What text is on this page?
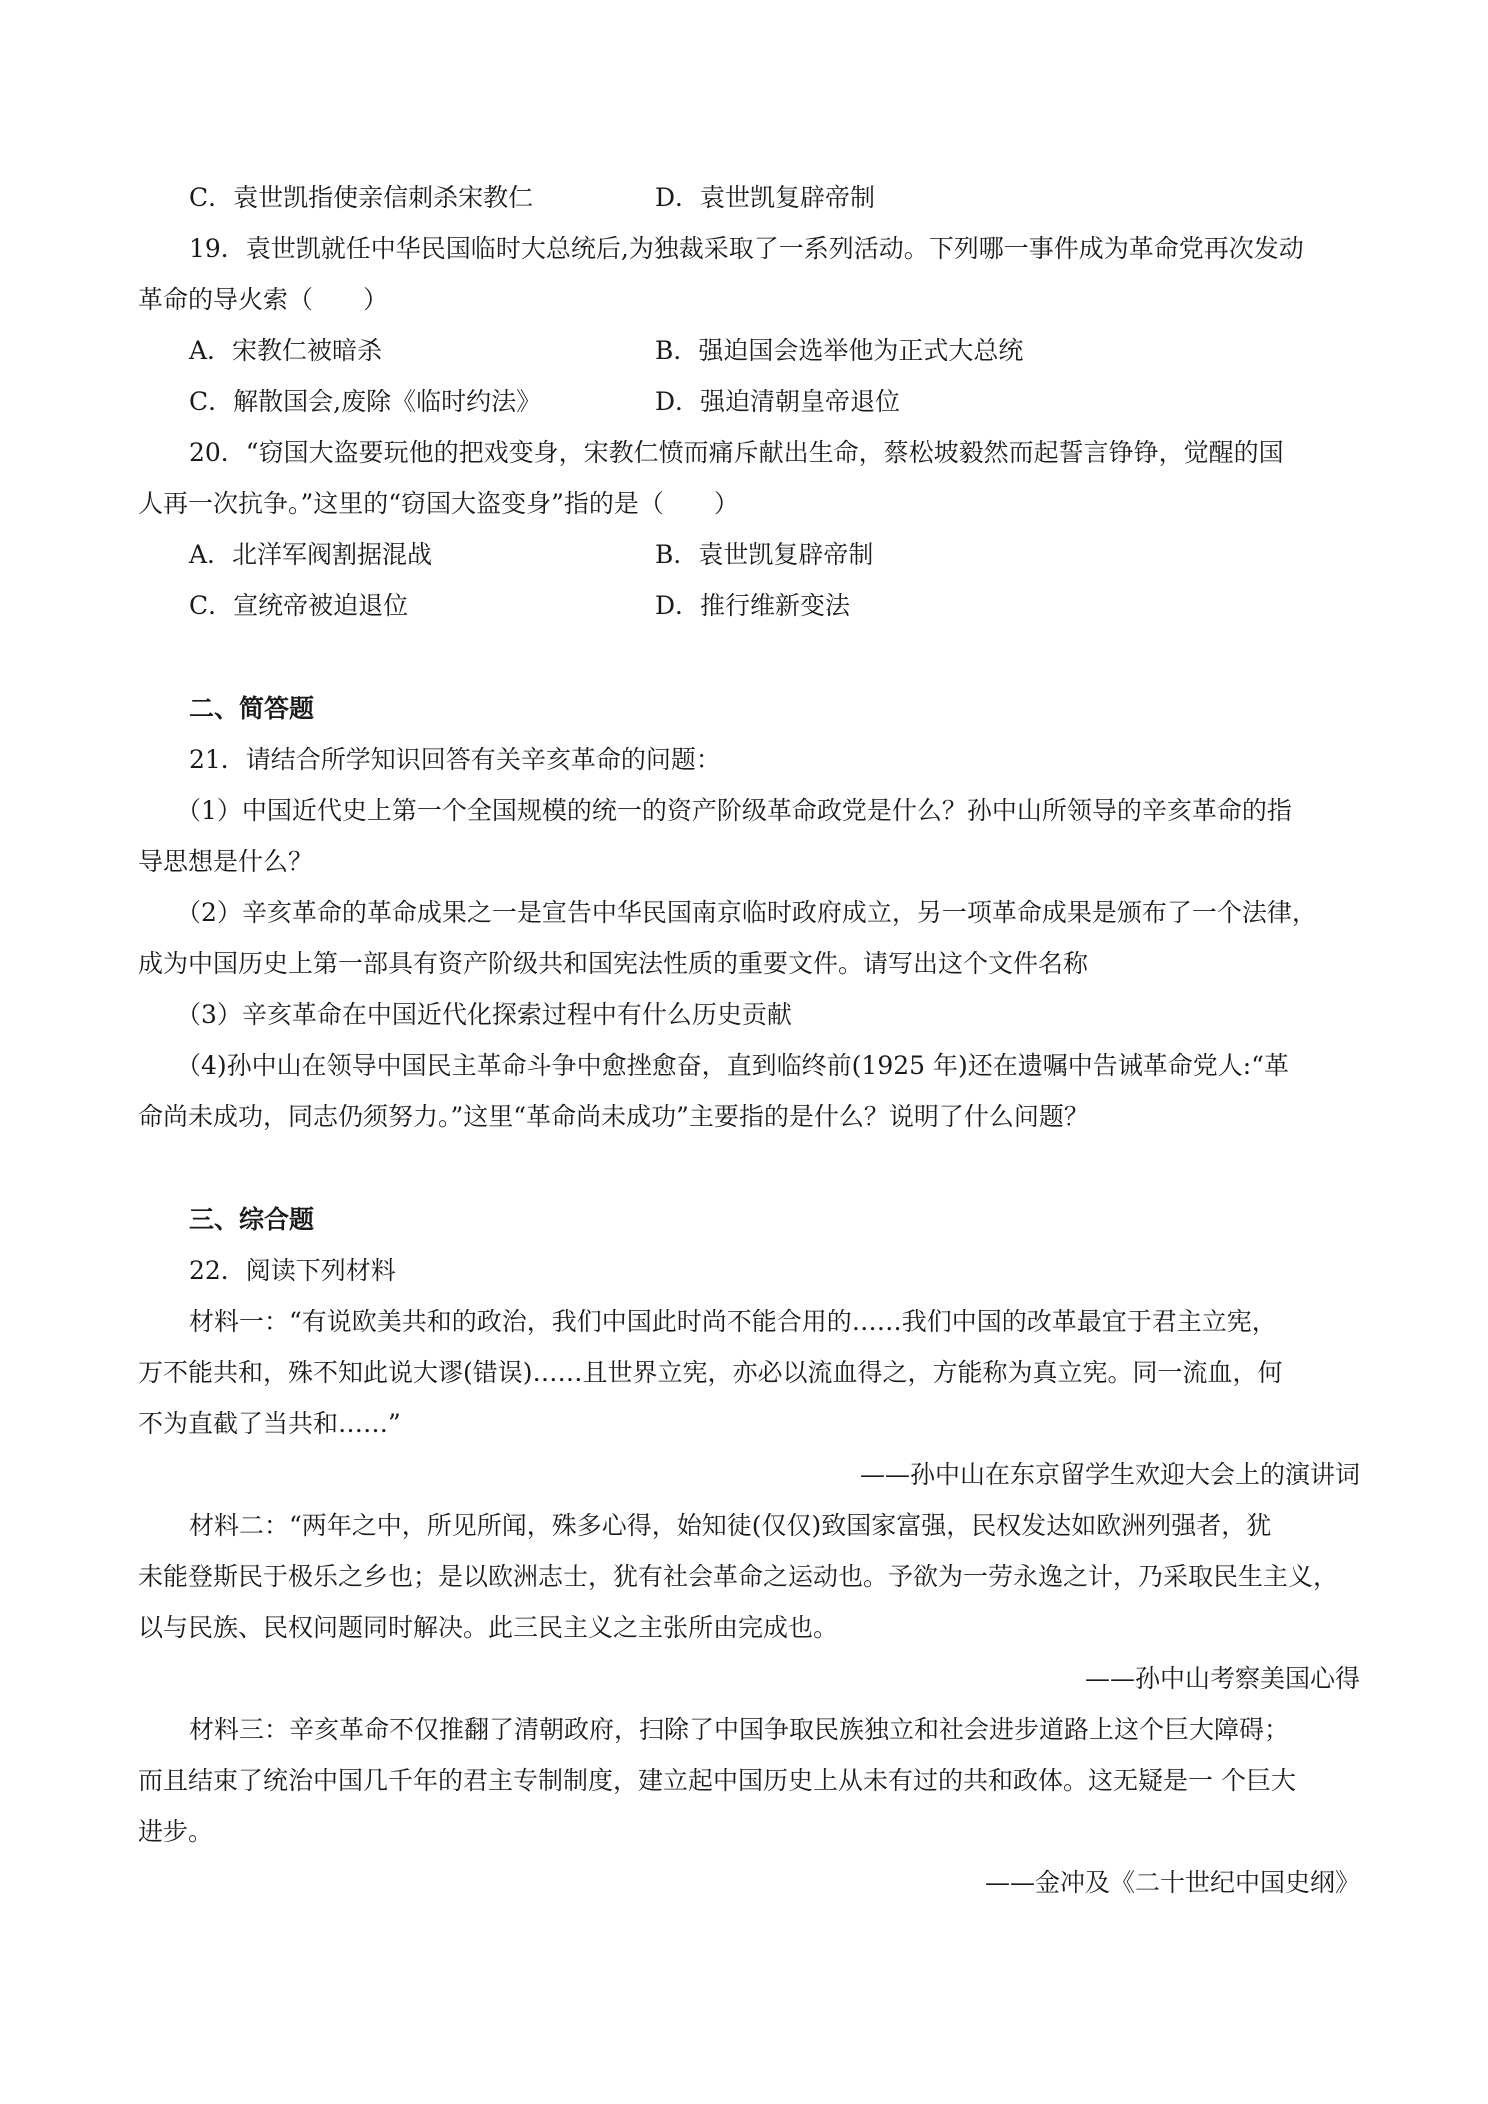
C．袁世凯指使亲信刺杀宋教仁	D．袁世凯复辟帝制
19．袁世凯就任中华民国临时大总统后,为独裁采取了一系列活动。下列哪一事件成为革命党再次发动
革命的导火索（　　）
A．宋教仁被暗杀	B．强迫国会选举他为正式大总统
C．解散国会,废除《临时约法》	D．强迫清朝皇帝退位
20．“窃国大盗要玩他的把戏变身，宋教仁愤而痛斥献出生命，蔡松坡毅然而起誓言铮铮，觉醒的国
人再一次抗争。”这里的“窃国大盗变身”指的是（　　）
A．北洋军阀割据混战	B．袁世凯复辟帝制
C．宣统帝被迫退位	D．推行维新变法
二、简答题
21．请结合所学知识回答有关辛亥革命的问题：
（1）中国近代史上第一个全国规模的统一的资产阶级革命政党是什么？孙中山所领导的辛亥革命的指
导思想是什么？
（2）辛亥革命的革命成果之一是宣告中华民国南京临时政府成立，另一项革命成果是颁布了一个法律，
成为中国历史上第一部具有资产阶级共和国宪法性质的重要文件。请写出这个文件名称
（3）辛亥革命在中国近代化探索过程中有什么历史贡献
（4)孙中山在领导中国民主革命斗争中愈挫愈奋，直到临终前(1925 年)还在遗嘱中告诫革命党人:“革
命尚未成功，同志仍须努力。”这里“革命尚未成功”主要指的是什么？说明了什么问题？
三、综合题
22．阅读下列材料
材料一：“有说欧美共和的政治，我们中国此时尚不能合用的……我们中国的改革最宜于君主立宪，
万不能共和，殊不知此说大谬(错误)……且世界立宪，亦必以流血得之，方能称为真立宪。同一流血，何
不为直截了当共和……”
——孙中山在东京留学生欢迎大会上的演讲词
材料二：“两年之中，所见所闻，殊多心得，始知徒(仅仅)致国家富强，民权发达如欧洲列强者，犹
未能登斯民于极乐之乡也；是以欧洲志士，犹有社会革命之运动也。予欲为一劳永逸之计，乃采取民生主义，
以与民族、民权问题同时解决。此三民主义之主张所由完成也。
——孙中山考察美国心得
材料三：辛亥革命不仅推翻了清朝政府，扫除了中国争取民族独立和社会进步道路上这个巨大障碍；
而且结束了统治中国几千年的君主专制制度，建立起中国历史上从未有过的共和政体。这无疑是一 个巨大
进步。
——金冲及《二十世纪中国史纲》
